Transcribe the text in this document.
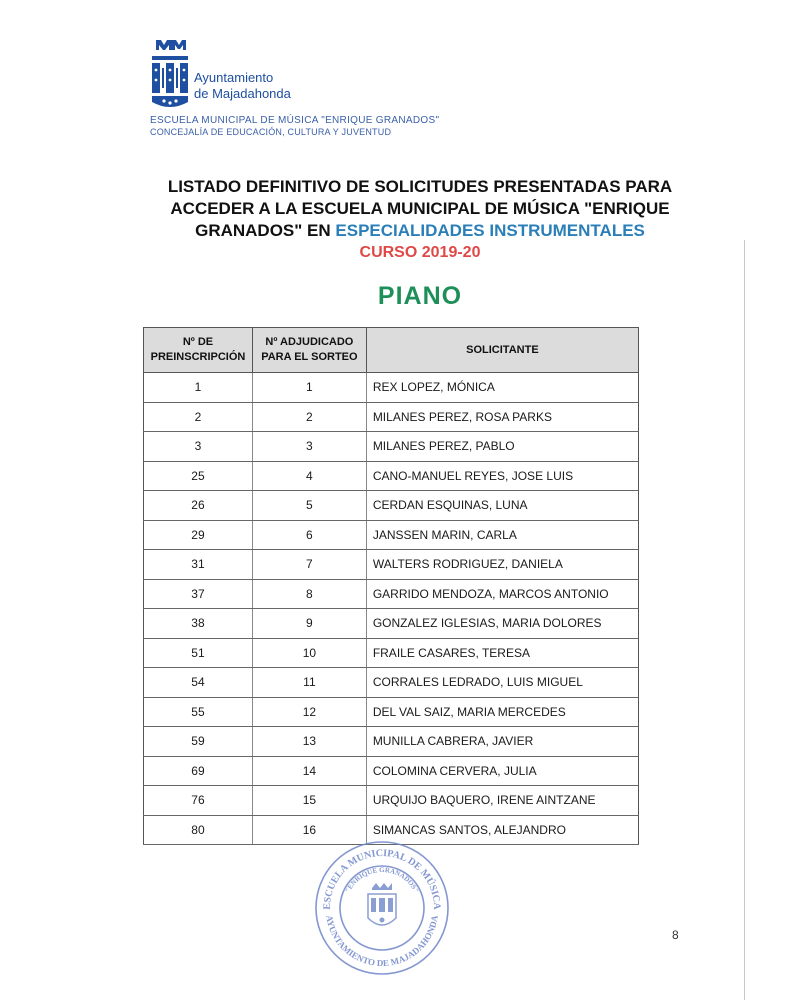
Ayuntamiento
de Majadahonda
ESCUELA MUNICIPAL DE MÚSICA "ENRIQUE GRANADOS"
CONCEJALÍA DE EDUCACIÓN, CULTURA Y JUVENTUD
LISTADO DEFINITIVO DE SOLICITUDES PRESENTADAS PARA
ACCEDER A LA ESCUELA MUNICIPAL DE MÚSICA "ENRIQUE
GRANADOS" EN ESPECIALIDADES INSTRUMENTALES
CURSO 2019-20
PIANO
Nº DE PREINSCRIPCIÓN	Nº ADJUDICADO PARA EL SORTEO	SOLICITANTE
1	1	REX LOPEZ, MÓNICA
2	2	MILANES PEREZ, ROSA PARKS
3	3	MILANES PEREZ, PABLO
25	4	CANO-MANUEL REYES, JOSE LUIS
26	5	CERDAN ESQUINAS, LUNA
29	6	JANSSEN MARIN, CARLA
31	7	WALTERS RODRIGUEZ, DANIELA
37	8	GARRIDO MENDOZA, MARCOS ANTONIO
38	9	GONZALEZ IGLESIAS, MARIA DOLORES
51	10	FRAILE CASARES, TERESA
54	11	CORRALES LEDRADO, LUIS MIGUEL
55	12	DEL VAL SAIZ, MARIA MERCEDES
59	13	MUNILLA CABRERA, JAVIER
69	14	COLOMINA CERVERA, JULIA
76	15	URQUIJO BAQUERO, IRENE AINTZANE
80	16	SIMANCAS SANTOS, ALEJANDRO
ESCUELA MUNICIPAL DE MÚSICA
"ENRIQUE GRANADOS"
AYUNTAMIENTO DE MAJADAHONDA
8
